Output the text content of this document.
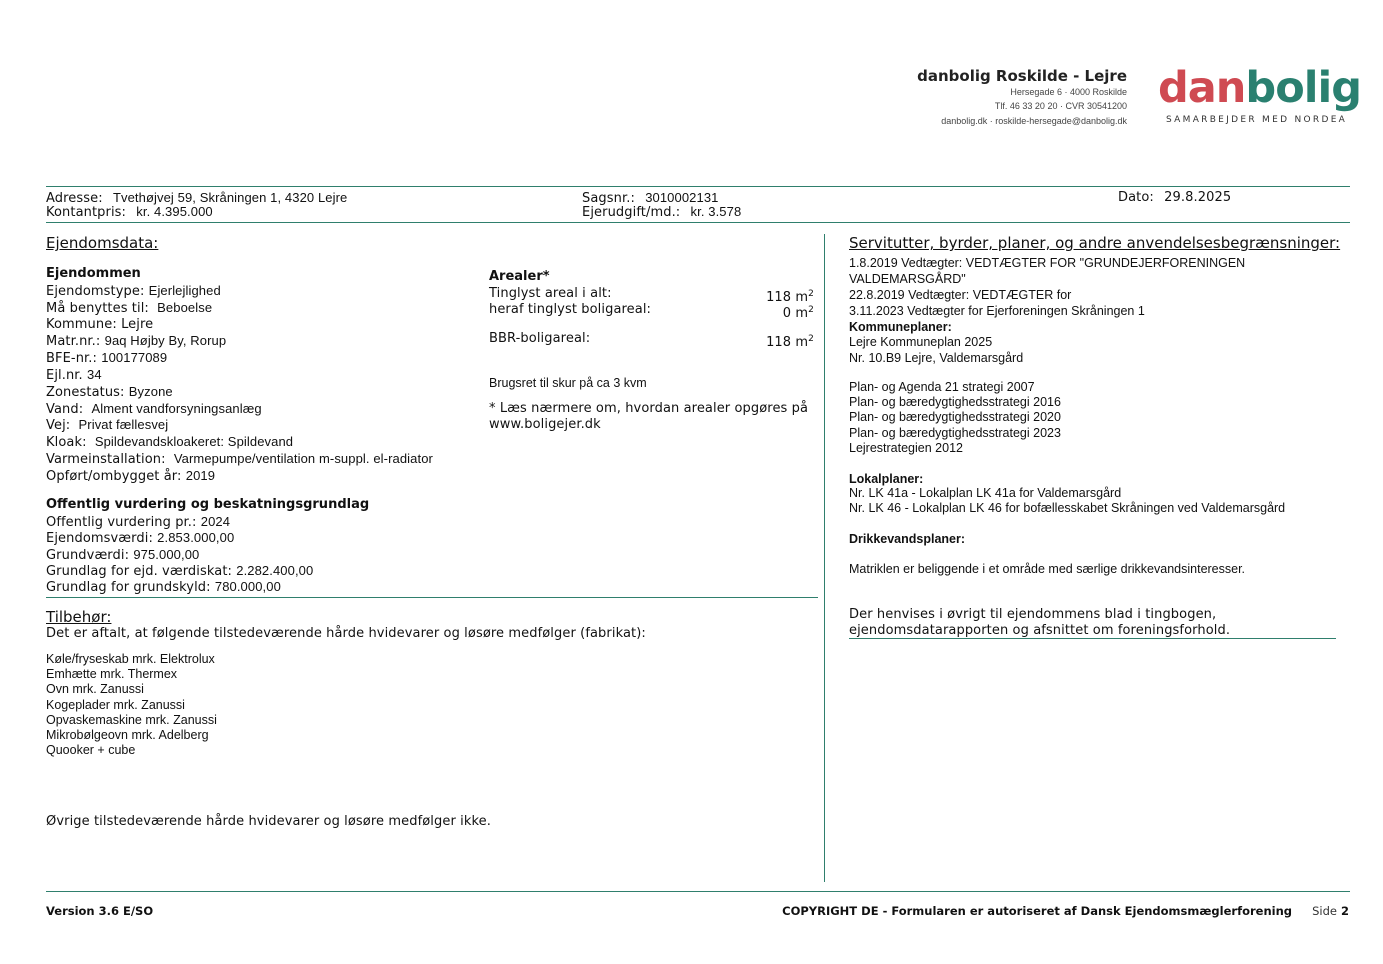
danbolig Roskilde - Lejre
Hersegade 6 · 4000 Roskilde
Tlf. 46 33 20 20 · CVR 30541200
danbolig.dk · roskilde-hersegade@danbolig.dk
danbolig
SAMARBEJDER MED NORDEA
Adresse: Tvethøjvej 59, Skråningen 1, 4320 Lejre
Kontantpris: kr. 4.395.000
Sagsnr.: 3010002131
Ejerudgift/md.: kr. 3.578
Dato: 29.8.2025
Ejendomsdata:
Ejendommen
Ejendomstype: Ejerlejlighed
Må benyttes til: Beboelse
Kommune: Lejre
Matr.nr.: 9aq Højby By, Rorup
BFE-nr.: 100177089
Ejl.nr. 34
Zonestatus: Byzone
Vand: Alment vandforsyningsanlæg
Vej: Privat fællesvej
Kloak: Spildevandskloakeret: Spildevand
Varmeinstallation: Varmepumpe/ventilation m-suppl. el-radiator
Opført/ombygget år: 2019
Arealer*
Tinglyst areal i alt:	118 $m^2$
heraf tinglyst boligareal:	0 $m^2$
BBR-boligareal:	118 $m^2$
Brugsret til skur på ca 3 kvm
* Læs nærmere om, hvordan arealer opgøres på
www.boligejer.dk
Offentlig vurdering og beskatningsgrundlag
Offentlig vurdering pr.: 2024
Ejendomsværdi: 2.853.000,00
Grundværdi: 975.000,00
Grundlag for ejd. værdiskat: 2.282.400,00
Grundlag for grundskyld: 780.000,00
Tilbehør:
Det er aftalt, at følgende tilstedeværende hårde hvidevarer og løsøre medfølger (fabrikat):
Køle/fryseskab mrk. Elektrolux
Emhætte mrk. Thermex
Ovn mrk. Zanussi
Kogeplader mrk. Zanussi
Opvaskemaskine mrk. Zanussi
Mikrobølgeovn mrk. Adelberg
Quooker + cube
Øvrige tilstedeværende hårde hvidevarer og løsøre medfølger ikke.
Servitutter, byrder, planer, og andre anvendelsesbegrænsninger:
1.8.2019 Vedtægter: VEDTÆGTER FOR "GRUNDEJERFORENINGEN
VALDEMARSGÅRD"
22.8.2019 Vedtægter: VEDTÆGTER for
3.11.2023 Vedtægter for Ejerforeningen Skråningen 1
Kommuneplaner:
Lejre Kommuneplan 2025
Nr. 10.B9 Lejre, Valdemarsgård
Plan- og Agenda 21 strategi 2007
Plan- og bæredygtighedsstrategi 2016
Plan- og bæredygtighedsstrategi 2020
Plan- og bæredygtighedsstrategi 2023
Lejrestrategien 2012
Lokalplaner:
Nr. LK 41a - Lokalplan LK 41a for Valdemarsgård
Nr. LK 46 - Lokalplan LK 46 for bofællesskabet Skråningen ved Valdemarsgård
Drikkevandsplaner:
Matriklen er beliggende i et område med særlige drikkevandsinteresser.
Der henvises i øvrigt til ejendommens blad i tingbogen,
ejendomsdatarapporten og afsnittet om foreningsforhold.
Version 3.6 E/SO	COPYRIGHT DE - Formularen er autoriseret af Dansk Ejendomsmæglerforening Side 2
